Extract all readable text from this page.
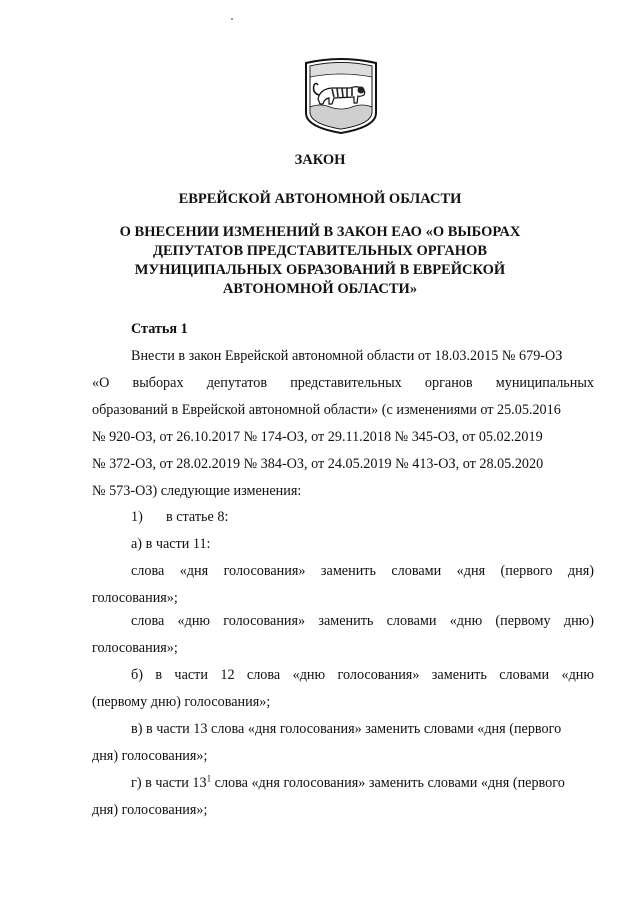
ЗАКОН
ЕВРЕЙСКОЙ АВТОНОМНОЙ ОБЛАСТИ
О ВНЕСЕНИИ ИЗМЕНЕНИЙ В ЗАКОН ЕАО «О ВЫБОРАХ
ДЕПУТАТОВ ПРЕДСТАВИТЕЛЬНЫХ ОРГАНОВ
МУНИЦИПАЛЬНЫХ ОБРАЗОВАНИЙ В ЕВРЕЙСКОЙ
АВТОНОМНОЙ ОБЛАСТИ»
Статья 1
Внести в закон Еврейской автономной области от 18.03.2015 № 679-ОЗ
«О выборах депутатов представительных органов муниципальных
образований в Еврейской автономной области» (с изменениями от 25.05.2016
№ 920-ОЗ, от 26.10.2017 № 174-ОЗ, от 29.11.2018 № 345-ОЗ, от 05.02.2019
№ 372-ОЗ, от 28.02.2019 № 384-ОЗ, от 24.05.2019 № 413-ОЗ, от 28.05.2020
№ 573-ОЗ) следующие изменения:
1) в статье 8:
а) в части 11:
слова «дня голосования» заменить словами «дня (первого дня)
голосования»;
слова «дню голосования» заменить словами «дню (первому дню)
голосования»;
б) в части 12 слова «дню голосования» заменить словами «дню
(первому дню) голосования»;
в) в части 13 слова «дня голосования» заменить словами «дня (первого
дня) голосования»;
г) в части $13^1$ слова «дня голосования» заменить словами «дня (первого
дня) голосования»;
